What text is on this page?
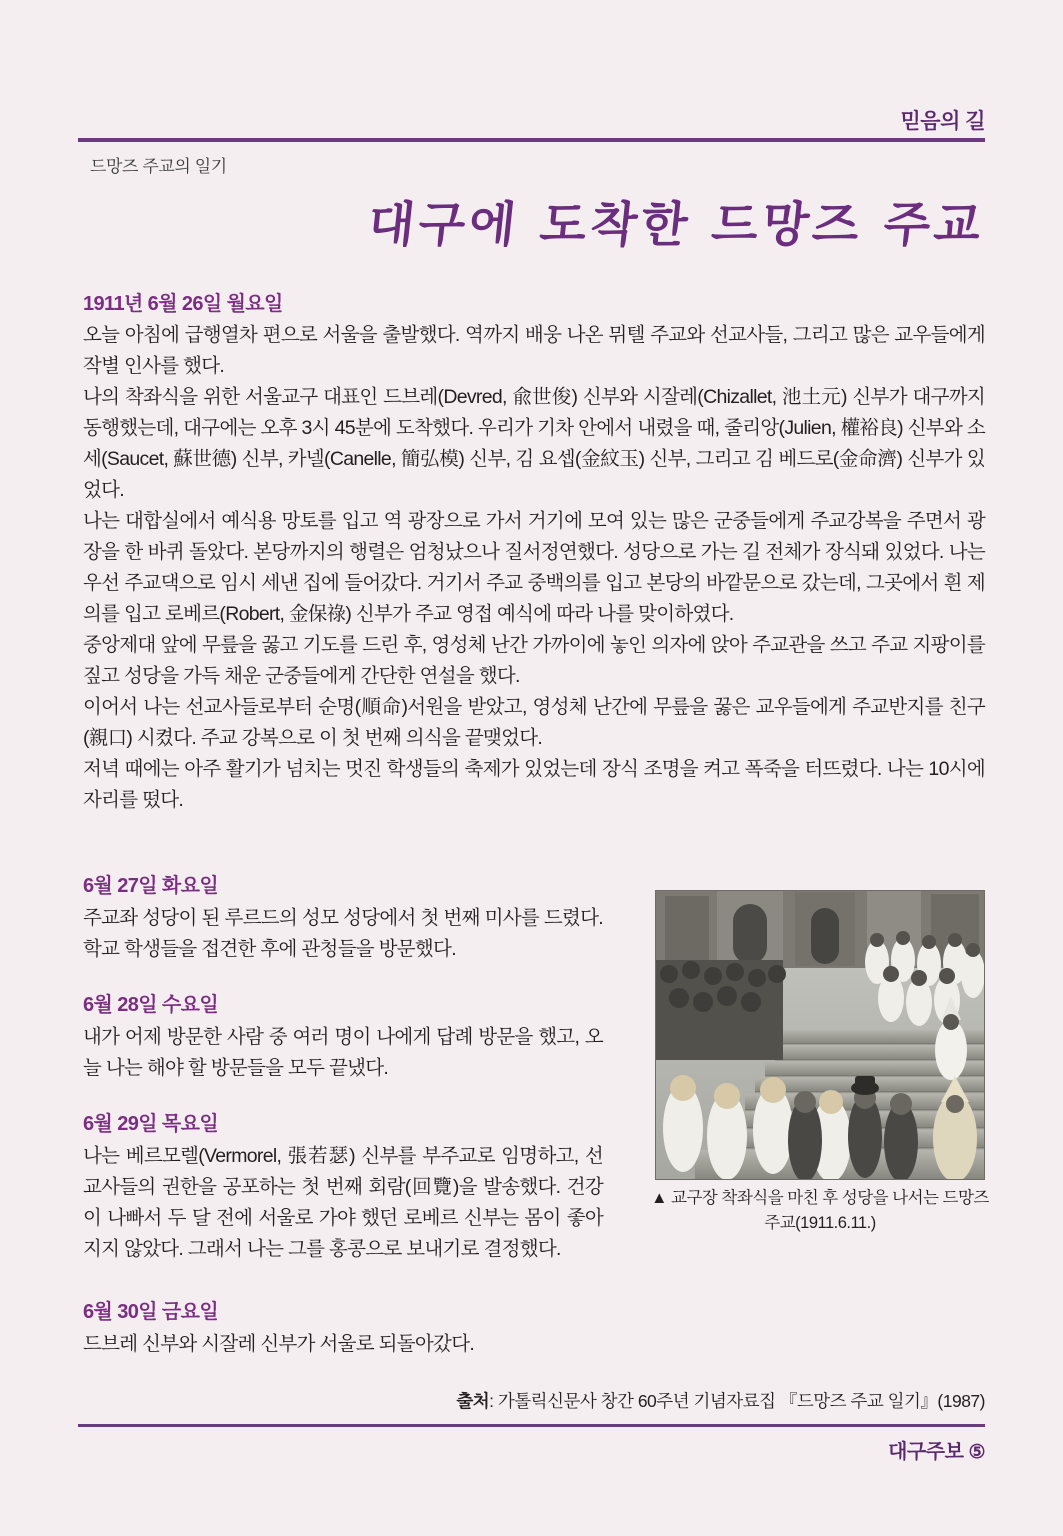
믿음의 길
드망즈 주교의 일기
대구에 도착한 드망즈 주교
1911년 6월 26일 월요일
오늘 아침에 급행열차 편으로 서울을 출발했다. 역까지 배웅 나온 뮈텔 주교와 선교사들, 그리고 많은 교우들에게 작별 인사를 했다.
나의 착좌식을 위한 서울교구 대표인 드브레(Devred, 兪世俊) 신부와 시잘레(Chizallet, 池土元) 신부가 대구까지 동행했는데, 대구에는 오후 3시 45분에 도착했다. 우리가 기차 안에서 내렸을 때, 줄리앙(Julien, 權裕良) 신부와 소세(Saucet, 蘇世德) 신부, 카넬(Canelle, 簡弘模) 신부, 김 요셉(金紋玉) 신부, 그리고 김 베드로(金命濟) 신부가 있었다.
나는 대합실에서 예식용 망토를 입고 역 광장으로 가서 거기에 모여 있는 많은 군중들에게 주교강복을 주면서 광장을 한 바퀴 돌았다. 본당까지의 행렬은 엄청났으나 질서정연했다. 성당으로 가는 길 전체가 장식돼 있었다. 나는 우선 주교댁으로 임시 세낸 집에 들어갔다. 거기서 주교 중백의를 입고 본당의 바깥문으로 갔는데, 그곳에서 흰 제의를 입고 로베르(Robert, 金保祿) 신부가 주교 영접 예식에 따라 나를 맞이하였다.
중앙제대 앞에 무릎을 꿇고 기도를 드린 후, 영성체 난간 가까이에 놓인 의자에 앉아 주교관을 쓰고 주교 지팡이를 짚고 성당을 가득 채운 군중들에게 간단한 연설을 했다.
이어서 나는 선교사들로부터 순명(順命)서원을 받았고, 영성체 난간에 무릎을 꿇은 교우들에게 주교반지를 친구(親口) 시켰다. 주교 강복으로 이 첫 번째 의식을 끝맺었다.
저녁 때에는 아주 활기가 넘치는 멋진 학생들의 축제가 있었는데 장식 조명을 켜고 폭죽을 터뜨렸다. 나는 10시에 자리를 떴다.
6월 27일 화요일
주교좌 성당이 된 루르드의 성모 성당에서 첫 번째 미사를 드렸다. 학교 학생들을 접견한 후에 관청들을 방문했다.
6월 28일 수요일
내가 어제 방문한 사람 중 여러 명이 나에게 답례 방문을 했고, 오늘 나는 해야 할 방문들을 모두 끝냈다.
6월 29일 목요일
나는 베르모렐(Vermorel, 張若瑟) 신부를 부주교로 임명하고, 선교사들의 권한을 공포하는 첫 번째 회람(回覽)을 발송했다. 건강이 나빠서 두 달 전에 서울로 가야 했던 로베르 신부는 몸이 좋아지지 않았다. 그래서 나는 그를 홍콩으로 보내기로 결정했다.
6월 30일 금요일
드브레 신부와 시잘레 신부가 서울로 되돌아갔다.
▲ 교구장 착좌식을 마친 후 성당을 나서는 드망즈 주교(1911.6.11.)
출처: 가톨릭신문사 창간 60주년 기념자료집 『드망즈 주교 일기』(1987)
대구주보 ⑤
